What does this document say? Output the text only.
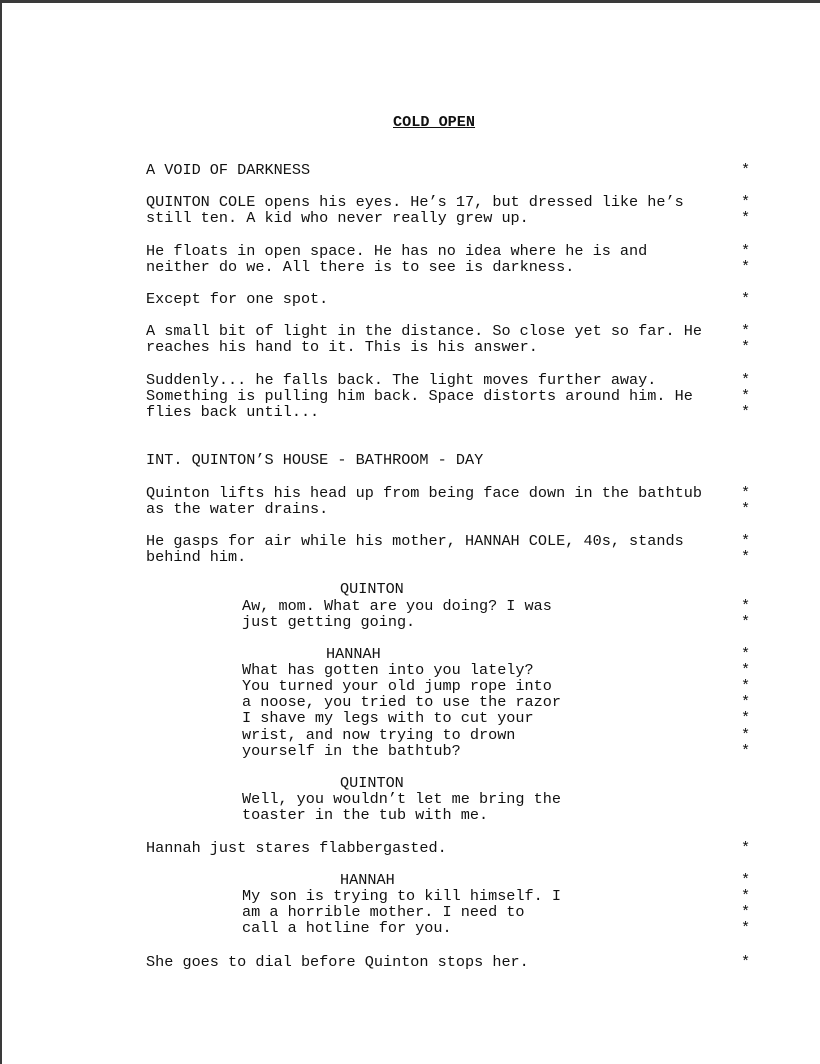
COLD OPEN
A VOID OF DARKNESS
QUINTON COLE opens his eyes. He’s 17, but dressed like he’s
still ten. A kid who never really grew up.
He floats in open space. He has no idea where he is and
neither do we. All there is to see is darkness.
Except for one spot.
A small bit of light in the distance. So close yet so far. He
reaches his hand to it. This is his answer.
Suddenly... he falls back. The light moves further away.
Something is pulling him back. Space distorts around him. He
flies back until...
INT. QUINTON’S HOUSE - BATHROOM - DAY
Quinton lifts his head up from being face down in the bathtub
as the water drains.
He gasps for air while his mother, HANNAH COLE, 40s, stands
behind him.
QUINTON
Aw, mom. What are you doing? I was
just getting going.
HANNAH
What has gotten into you lately?
You turned your old jump rope into
a noose, you tried to use the razor
I shave my legs with to cut your
wrist, and now trying to drown
yourself in the bathtub?
QUINTON
Well, you wouldn’t let me bring the
toaster in the tub with me.
Hannah just stares flabbergasted.
HANNAH
My son is trying to kill himself. I
am a horrible mother. I need to
call a hotline for you.
She goes to dial before Quinton stops her.
*
*
*
*
*
*
*
*
*
*
*
*
*
*
*
*
*
*
*
*
*
*
*
*
*
*
*
*
*
*
